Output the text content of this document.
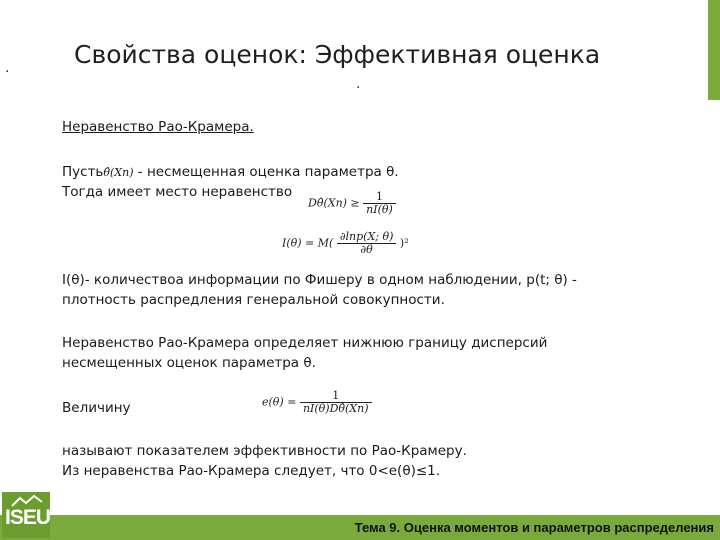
.
.
Свойства оценок: Эффективная оценка
Неравенство Рао-Крамера.
Пустьθ̂(Xn) - несмещенная оценка параметра θ.
Тогда имеет место неравенство
Dθ̂(Xn) ≥ $\frac{1}{nI(\theta)}$
$I(\theta) = M( \frac{\partial\ln p(X; \theta)}{\partial\theta} )^2$
I(θ)- количествоа информации по Фишеру в одном наблюдении, p(t; θ) -
плотность распредления генеральной совокупности.
Неравенство Рао-Крамера определяет нижнюю границу дисперсий
несмещенных оценок параметра θ.
Величину	$e(\theta) = \frac{1}{nI(\theta)D\thetâ(Xn)}$
называют показателем эффективности по Рао-Крамеру.
Из неравенства Рао-Крамера следует, что 0<e(θ)≤1.
Тема 9. Оценка моментов и параметров распределения
ISEU
